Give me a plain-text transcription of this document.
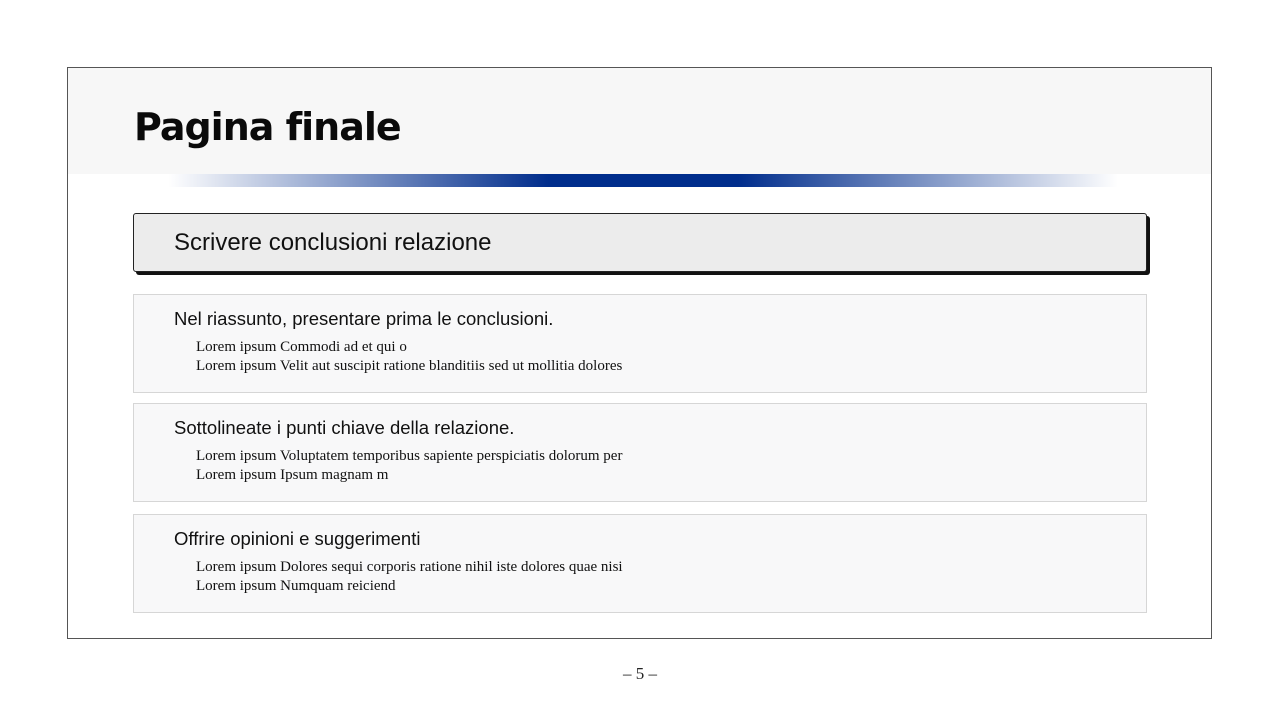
Pagina finale
Scrivere conclusioni relazione
Nel riassunto, presentare prima le conclusioni.
Lorem ipsum Commodi ad et qui o
Lorem ipsum Velit aut suscipit ratione blanditiis sed ut mollitia dolores
Sottolineate i punti chiave della relazione.
Lorem ipsum Voluptatem temporibus sapiente perspiciatis dolorum per
Lorem ipsum Ipsum magnam m
Offrire opinioni e suggerimenti
Lorem ipsum Dolores sequi corporis ratione nihil iste dolores quae nisi
Lorem ipsum Numquam reiciend
– 5 –
